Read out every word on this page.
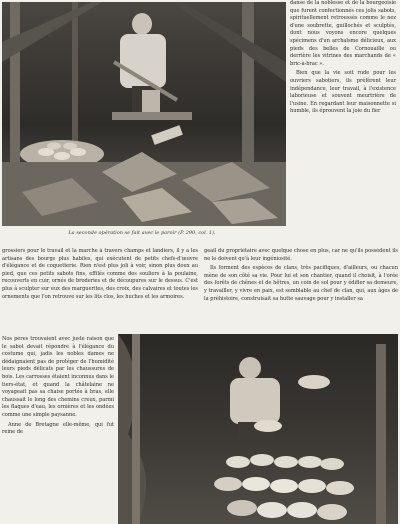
La seconde opération se fait avec le paroir (P. 290, col. 1).

danse de la noblesse et de la bourgeoisie que furent confectionnés ces jolis sabots, spirituellement retroussés comme le nez d'une soubrette, guillochés et sculptés, dont nous voyons encore quelques spécimens d'un archaïsme délicieux, aux pieds des belles de Cornouaille ou derrière les vitrines des marchands de « bric-à-brac ».

Bien que la vie soit rude pour les ouvriers sabotiers, ils préfèrent leur indépendance, leur travail, à l'existence laborieuse et souvent meurtrière de l'usine. En regardant leur maisonnette si humble, ils éprouvent la joie du fier

grossiers pour le travail et la marche à travers champs et landiers, il y a les artisans des bourgs plus habiles, qui exécutent de petits chefs-d'œuvre d'élégance et de coquetterie. Rien n'est plus joli à voir, sinon plus doux au pied, que ces petits sabots fins, effilés comme des souliers à la poulaine, recouverts en cuir, ornés de broderies et de découpures sur le dessus. C'est plus à sculpter sur eux des marguerites, des croix, des calvaires et toutes les ornements que l'on retrouve sur les lits clos, les huches et les armoires.

geail du propriétaire avec quelque chose en plus, car ne qu'ils possèdent ils ne le doivent qu'à leur ingéniosité.

Ils forment des espèces de clans, très pacifiques, d'ailleurs, ou chacun mène de son côté sa vie. Pour lui et son chantier, quand il choisit, à l'orée des forêts de chênes et de hêtres, un coin de sol pour y édifier sa demeure, y travailler, y vivre en paix, est semblable au chef de clan, qui, aux âges de la préhistoire, construisait sa hutte sauvage pour y installer sa

Nos pères trouvaient avec juste raison que le sabot devait répondre à l'élégance du costume qui, jadis les nobles dames ne dédaignaient pas de protéger de l'humidité leurs pieds délicats par les chaussures de bois. Les carrosses étaient inconnus dans le tiers-état, et quand la châtelaine ne voyageait pas sa chaise portée à bras, elle chaussait le long des chemins creux, parmi les flaques d'eau, les ornières et les ondées comme une simple paysanne.

Anne de Bretagne elle-même, qui fut reine de
